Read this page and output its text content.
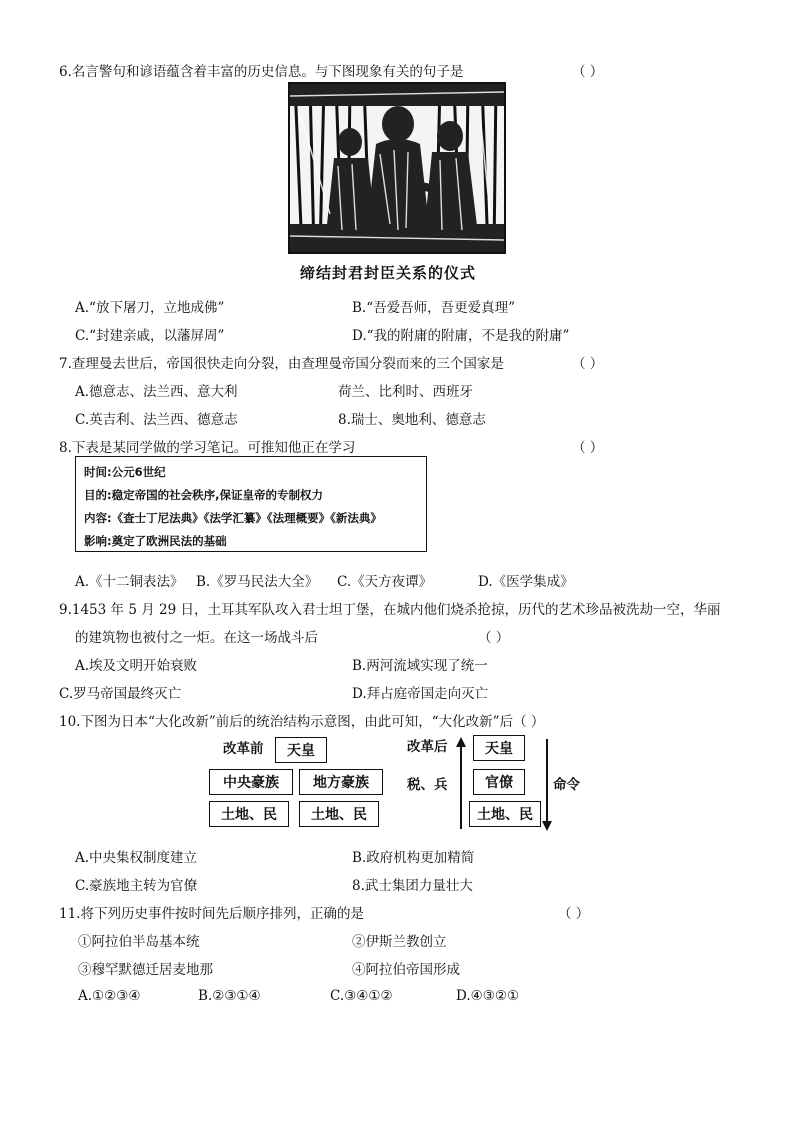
6.名言警句和谚语蕴含着丰富的历史信息。与下图现象有关的句子是	（ ）
缔结封君封臣关系的仪式
A.“放下屠刀，立地成佛”	B.“吾爱吾师，吾更爱真理”
C.“封建亲戚，以藩屏周”	D.“我的附庸的附庸，不是我的附庸”
7.查理曼去世后，帝国很快走向分裂，由查理曼帝国分裂而来的三个国家是	（ ）
A.德意志、法兰西、意大利	荷兰、比利时、西班牙
C.英吉利、法兰西、德意志	8.瑞士、奥地利、德意志
8.下表是某同学做的学习笔记。可推知他正在学习	（ ）
时间:公元6世纪
目的:稳定帝国的社会秩序,保证皇帝的专制权力
内容:《查士丁尼法典》《法学汇纂》《法理概要》《新法典》
影响:奠定了欧洲民法的基础
A.《十二铜表法》 B.《罗马民法大全》 C.《天方夜谭》	D.《医学集成》
9.1453 年 5 月 29 日，土耳其军队攻入君士坦丁堡，在城内他们烧杀抢掠，历代的艺术珍品被洗劫一空，华丽
的建筑物也被付之一炬。在这一场战斗后	（ ）
A.埃及文明开始衰败	B.两河流域实现了统一
C.罗马帝国最终灭亡	D.拜占庭帝国走向灭亡
10.下图为日本“大化改新”前后的统治结构示意图，由此可知，“大化改新”后（ ）
改革前 天皇
中央豪族 地方豪族
土地、民 土地、民
改革后	天皇
税、兵	官僚
土地、民
命令
A.中央集权制度建立	B.政府机构更加精简
C.豪族地主转为官僚	8.武士集团力量壮大
11.将下列历史事件按时间先后顺序排列，正确的是	（ ）
①阿拉伯半岛基本统	②伊斯兰教创立
③穆罕默德迁居麦地那	④阿拉伯帝国形成
A.①②③④	B.②③①④	C.③④①②	D.④③②①
